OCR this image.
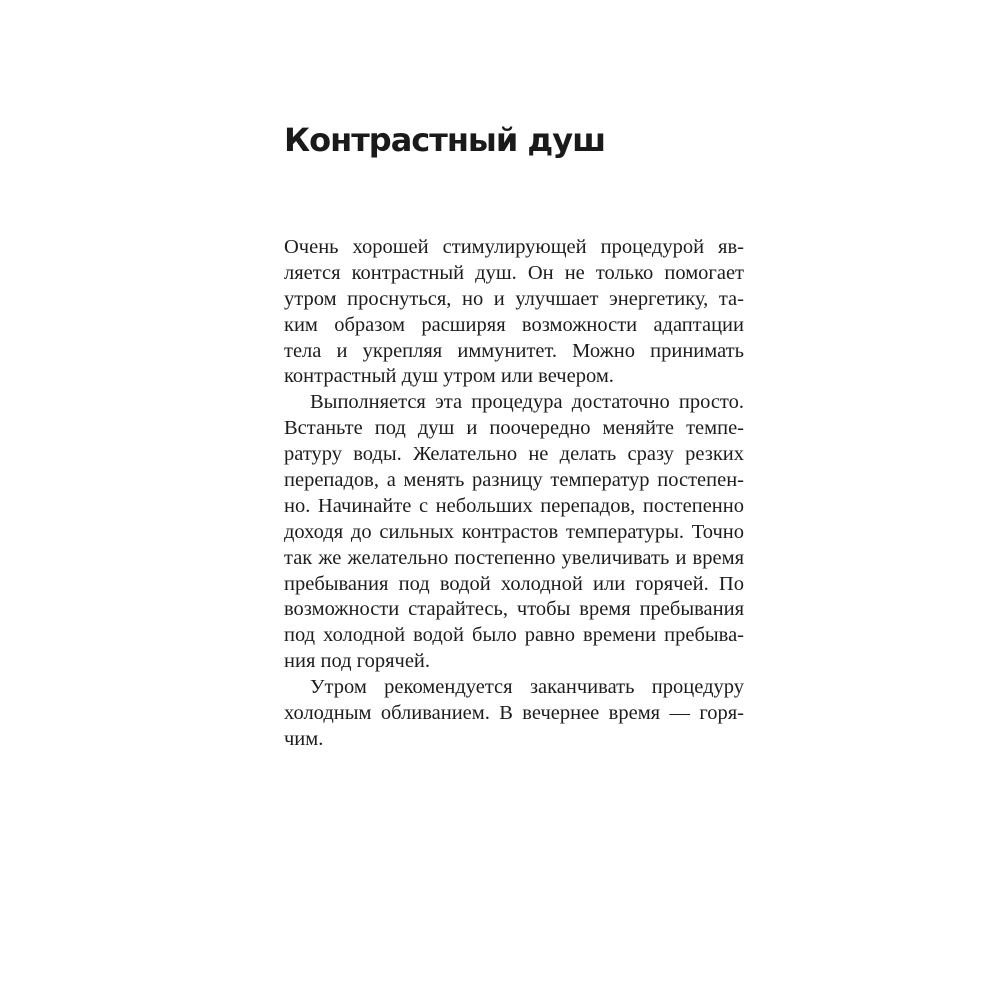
Контрастный душ
Очень хорошей стимулирующей процедурой яв-
ляется контрастный душ. Он не только помогает
утром проснуться, но и улучшает энергетику, та-
ким образом расширяя возможности адаптации
тела и укрепляя иммунитет. Можно принимать
контрастный душ утром или вечером.
Выполняется эта процедура достаточно просто.
Встаньте под душ и поочередно меняйте темпе-
ратуру воды. Желательно не делать сразу резких
перепадов, а менять разницу температур постепен-
но. Начинайте с небольших перепадов, постепенно
доходя до сильных контрастов температуры. Точно
так же желательно постепенно увеличивать и время
пребывания под водой холодной или горячей. По
возможности старайтесь, чтобы время пребывания
под холодной водой было равно времени пребыва-
ния под горячей.
Утром рекомендуется заканчивать процедуру
холодным обливанием. В вечернее время — горя-
чим.
